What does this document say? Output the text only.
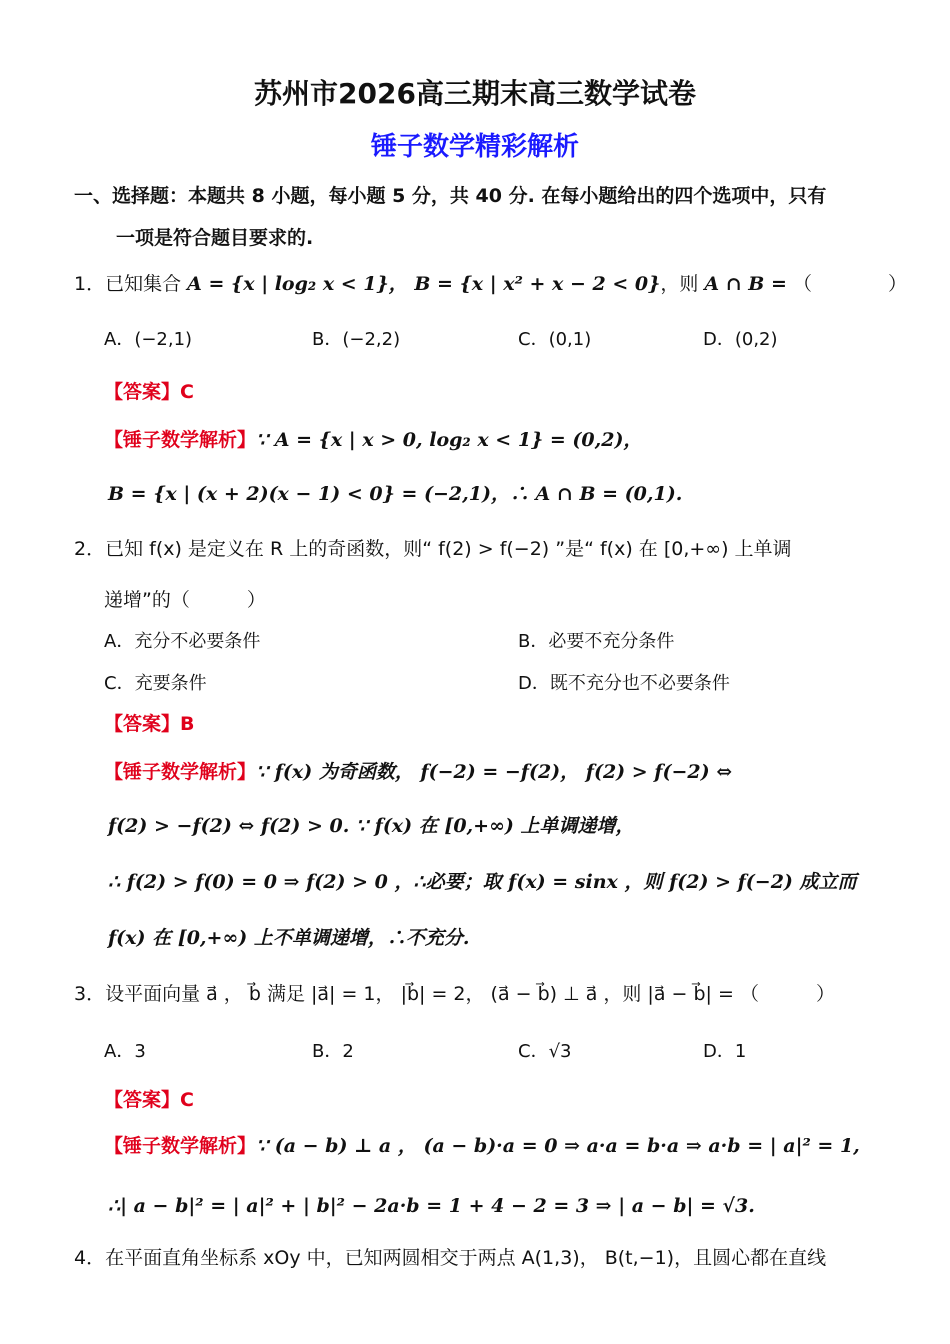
苏州市2026高三期末高三数学试卷
锤子数学精彩解析
一、选择题：本题共 8 小题，每小题 5 分，共 40 分. 在每小题给出的四个选项中，只有
一项是符合题目要求的.
1．已知集合 A = {x | log₂ x < 1}， B = {x | x² + x − 2 < 0}，则 A ∩ B = （　　　　）
A．(−2,1)	B．(−2,2)	C．(0,1)	D．(0,2)
【答案】C
【锤子数学解析】∵ A = {x | x > 0, log₂ x < 1} = (0,2)，
B = {x | (x + 2)(x − 1) < 0} = (−2,1)，∴ A ∩ B = (0,1).
2．已知 f(x) 是定义在 R 上的奇函数，则“ f(2) > f(−2) ”是“ f(x) 在 [0,+∞) 上单调
递增”的（　　　）
A．充分不必要条件	B．必要不充分条件
C．充要条件	D．既不充分也不必要条件
【答案】B
【锤子数学解析】∵ f(x) 为奇函数， f(−2) = −f(2)， f(2) > f(−2) ⇔
f(2) > −f(2) ⇔ f(2) > 0. ∵ f(x) 在 [0,+∞) 上单调递增，
∴ f(2) > f(0) = 0 ⇒ f(2) > 0 ，∴必要；取 f(x) = sinx ，则 f(2) > f(−2) 成立而
f(x) 在 [0,+∞) 上不单调递增，∴不充分.
3．设平面向量 a⃗ ， b⃗ 满足 |a⃗| = 1， |b⃗| = 2， (a⃗ − b⃗) ⊥ a⃗ ，则 |a⃗ − b⃗| = （　　　）
A．3	B．2	C．√3	D．1
【答案】C
【锤子数学解析】∵ (a − b) ⊥ a ， (a − b)·a = 0 ⇒ a·a = b·a ⇒ a·b = | a|² = 1,
∴| a − b|² = | a|² + | b|² − 2a·b = 1 + 4 − 2 = 3 ⇒ | a − b| = √3.
4．在平面直角坐标系 xOy 中，已知两圆相交于两点 A(1,3)， B(t,−1)，且圆心都在直线
